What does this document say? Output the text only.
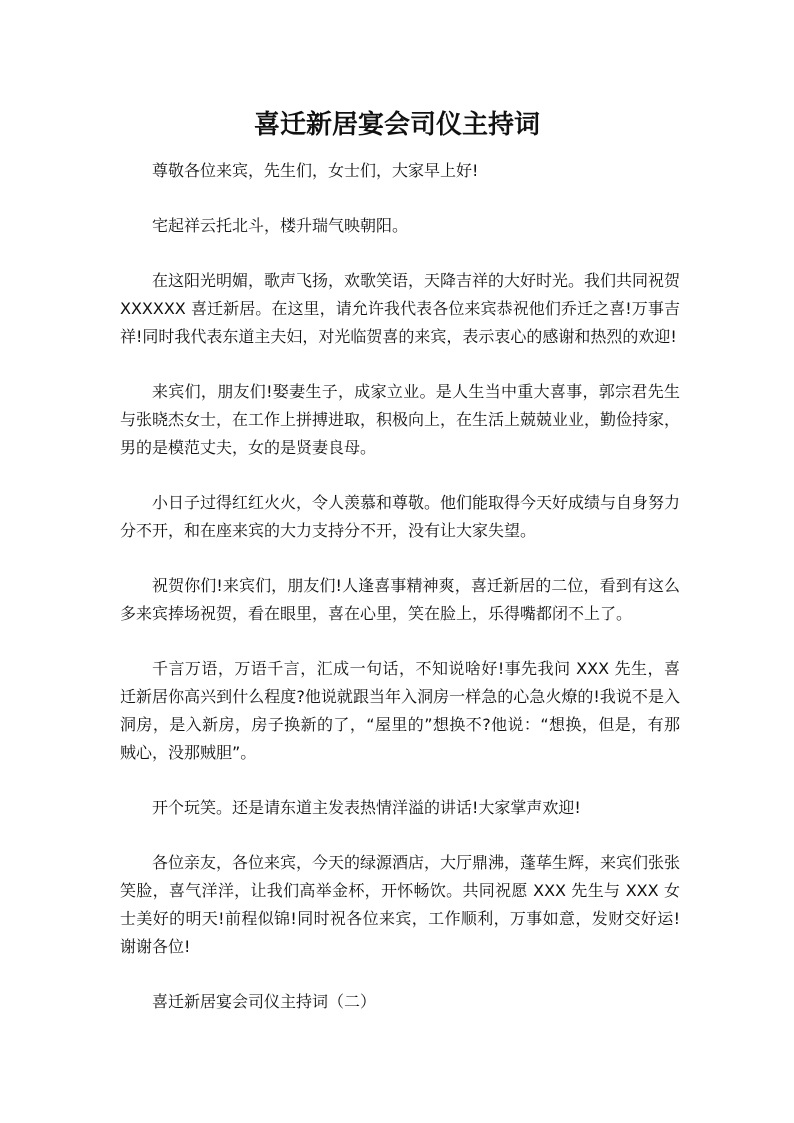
喜迁新居宴会司仪主持词

尊敬各位来宾，先生们，女士们，大家早上好!

宅起祥云托北斗，楼升瑞气映朝阳。

在这阳光明媚，歌声飞扬，欢歌笑语，天降吉祥的大好时光。我们共同祝贺XXXXXX 喜迁新居。在这里，请允许我代表各位来宾恭祝他们乔迁之喜!万事吉祥!同时我代表东道主夫妇，对光临贺喜的来宾，表示衷心的感谢和热烈的欢迎!

来宾们，朋友们!娶妻生子，成家立业。是人生当中重大喜事，郭宗君先生与张晓杰女士，在工作上拼搏进取，积极向上，在生活上兢兢业业，勤俭持家，男的是模范丈夫，女的是贤妻良母。

小日子过得红红火火，令人羡慕和尊敬。他们能取得今天好成绩与自身努力分不开，和在座来宾的大力支持分不开，没有让大家失望。

祝贺你们!来宾们，朋友们!人逢喜事精神爽，喜迁新居的二位，看到有这么多来宾捧场祝贺，看在眼里，喜在心里，笑在脸上，乐得嘴都闭不上了。

千言万语，万语千言，汇成一句话，不知说啥好!事先我问 XXX 先生，喜迁新居你高兴到什么程度?他说就跟当年入洞房一样急的心急火燎的!我说不是入洞房，是入新房，房子换新的了，“屋里的”想换不?他说：“想换，但是，有那贼心，没那贼胆”。

开个玩笑。还是请东道主发表热情洋溢的讲话!大家掌声欢迎!

各位亲友，各位来宾，今天的绿源酒店，大厅鼎沸，蓬荜生辉，来宾们张张笑脸，喜气洋洋，让我们高举金杯，开怀畅饮。共同祝愿 XXX 先生与 XXX 女士美好的明天!前程似锦!同时祝各位来宾，工作顺利，万事如意，发财交好运!谢谢各位!

喜迁新居宴会司仪主持词（二）
